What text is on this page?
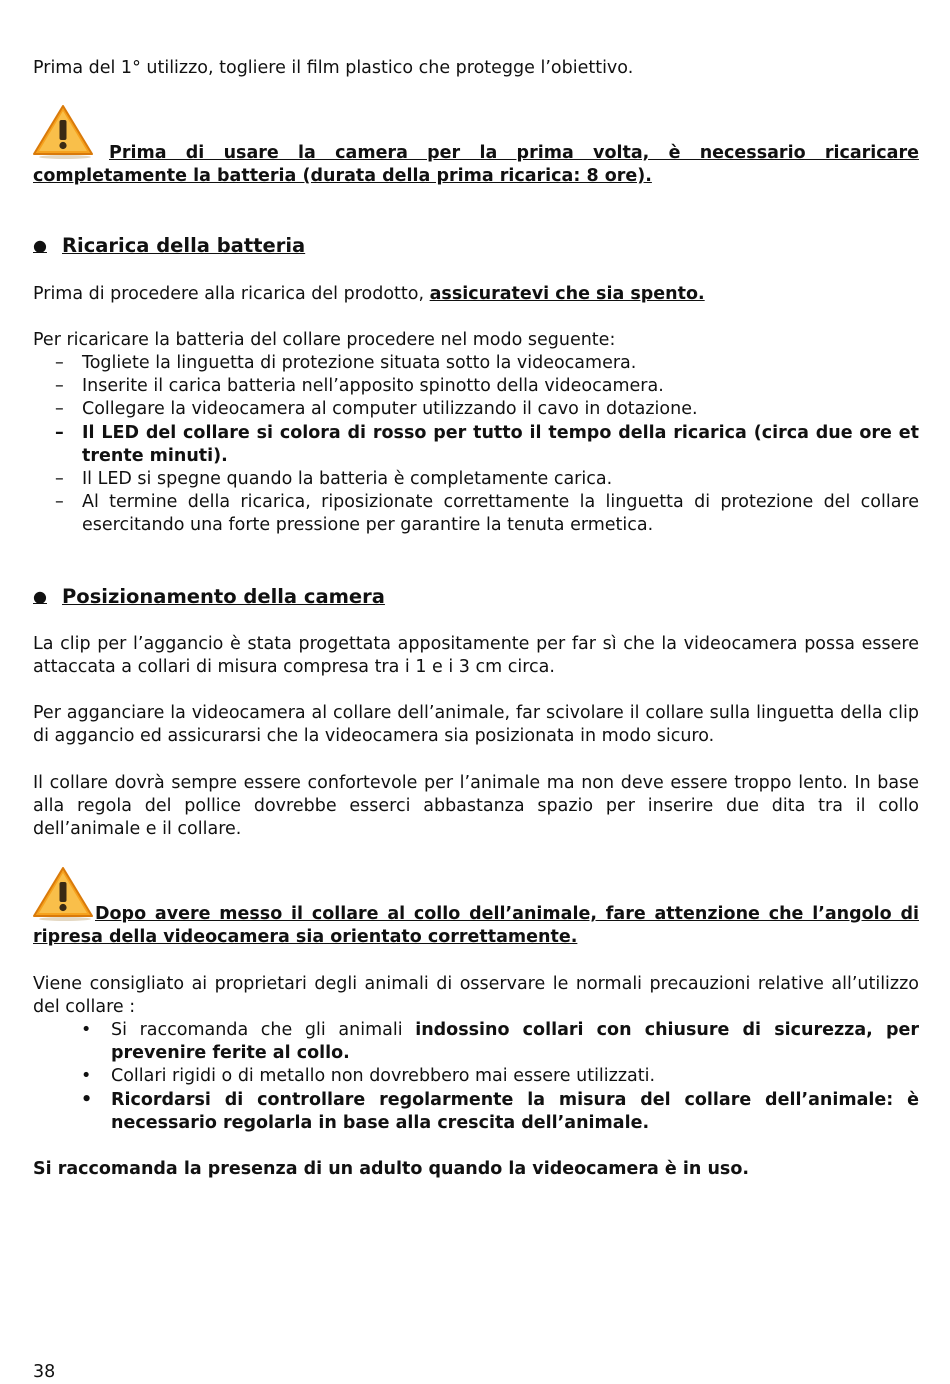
Prima del 1° utilizzo, togliere il film plastico che protegge l’obiettivo.

Prima di usare la camera per la prima volta, è necessario ricaricare completamente la batteria (durata della prima ricarica: 8 ore).

● Ricarica della batteria

Prima di procedere alla ricarica del prodotto, assicuratevi che sia spento.

Per ricaricare la batteria del collare procedere nel modo seguente:

– Togliete la linguetta di protezione situata sotto la videocamera.
– Inserite il carica batteria nell’apposito spinotto della videocamera.
– Collegare la videocamera al computer utilizzando il cavo in dotazione.
– Il LED del collare si colora di rosso per tutto il tempo della ricarica (circa due ore et trente minuti).
– Il LED si spegne quando la batteria è completamente carica.
– Al termine della ricarica, riposizionate correttamente la linguetta di protezione del collare esercitando una forte pressione per garantire la tenuta ermetica.
● Posizionamento della camera

La clip per l’aggancio è stata progettata appositamente per far sì che la videocamera possa essere attaccata a collari di misura compresa tra i 1 e i 3 cm circa.

Per agganciare la videocamera al collare dell’animale, far scivolare il collare sulla linguetta della clip di aggancio ed assicurarsi che la videocamera sia posizionata in modo sicuro.

Il collare dovrà sempre essere confortevole per l’animale ma non deve essere troppo lento. In base alla regola del pollice dovrebbe esserci abbastanza spazio per inserire due dita tra il collo dell’animale e il collare.

Dopo avere messo il collare al collo dell’animale, fare attenzione che l’angolo di ripresa della videocamera sia orientato correttamente.

Viene consigliato ai proprietari degli animali di osservare le normali precauzioni relative all’utilizzo del collare :

• Si raccomanda che gli animali indossino collari con chiusure di sicurezza, per prevenire ferite al collo.
• Collari rigidi o di metallo non dovrebbero mai essere utilizzati.
• Ricordarsi di controllare regolarmente la misura del collare dell’animale: è necessario regolarla in base alla crescita dell’animale.

Si raccomanda la presenza di un adulto quando la videocamera è in uso.

38
